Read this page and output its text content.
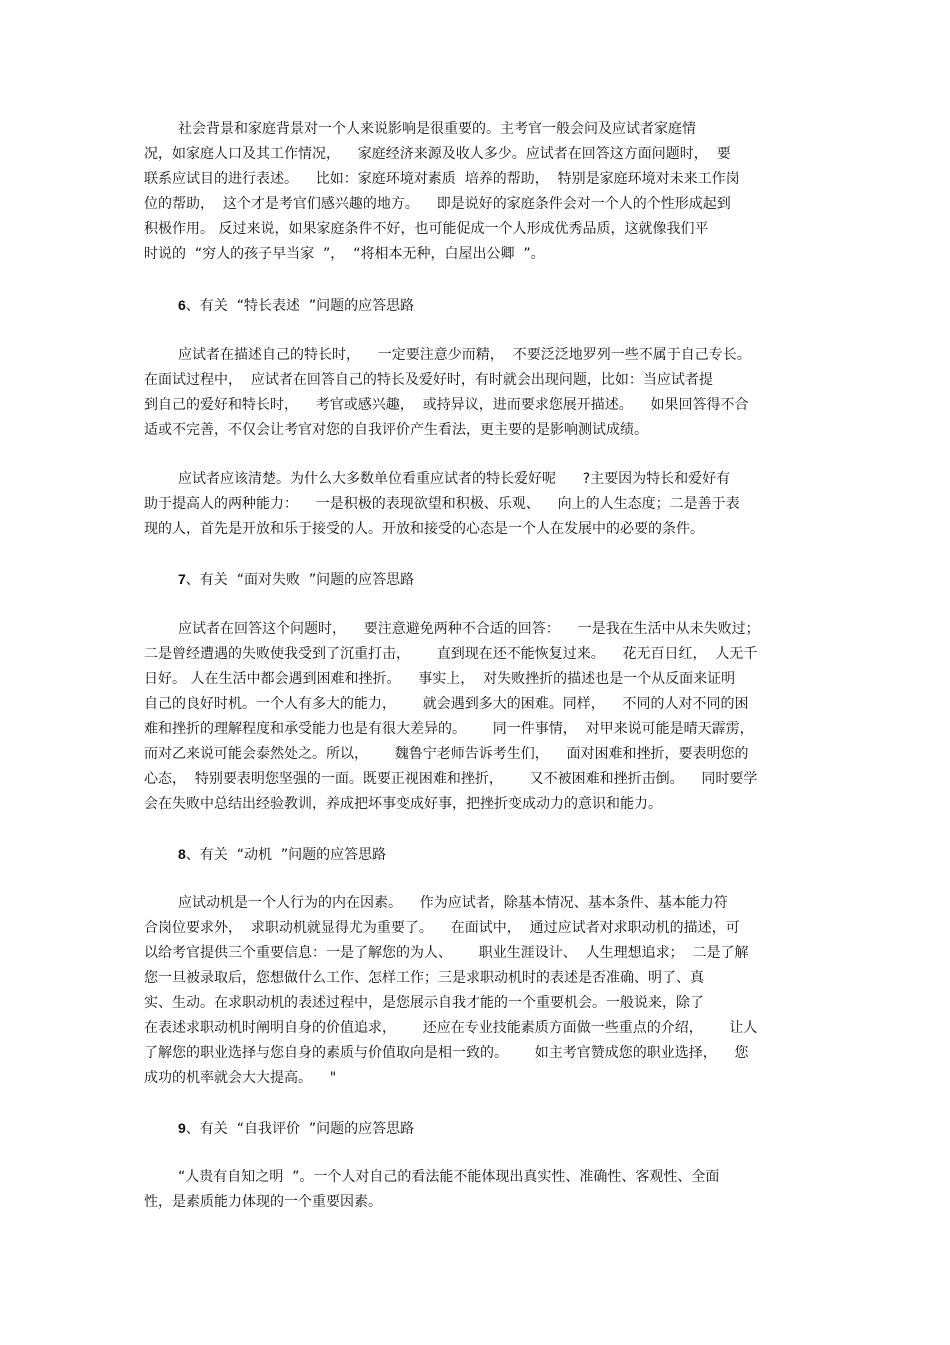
社会背景和家庭背景对一个人来说影响是很重要的。主考官一般会问及应试者家庭情
况，如家庭人口及其工作情况，    家庭经济来源及收人多少。应试者在回答这方面问题时，  要
联系应试目的进行表述。    比如：家庭环境对素质  培养的帮助，  特别是家庭环境对未来工作岗
位的帮助，  这个才是考官们感兴趣的地方。    即是说好的家庭条件会对一个人的个性形成起到
积极作用。 反过来说，如果家庭条件不好，也可能促成一个人形成优秀品质，这就像我们平
时说的  “穷人的孩子早当家  ”，  “将相本无种，白屋出公卿  ”。
6、有关  “特长表述  ”问题的应答思路
应试者在描述自己的特长时，    一定要注意少而精，  不要泛泛地罗列一些不属于自己专长。
在面试过程中，  应试者在回答自己的特长及爱好时，有时就会出现问题，比如：当应试者提
到自己的爱好和特长时，    考官或感兴趣，  或持异议，进而要求您展开描述。    如果回答得不合
适或不完善，不仅会让考官对您的自我评价产生看法，更主要的是影响测试成绩。
应试者应该清楚。为什么大多数单位看重应试者的特长爱好呢      ?主要因为特长和爱好有
助于提高人的两种能力：    一是积极的表现欲望和积极、乐观、    向上的人生态度；二是善于表
现的人，首先是开放和乐于接受的人。开放和接受的心态是一个人在发展中的必要的条件。
7、有关  “面对失败  ”问题的应答思路
应试者在回答这个问题时，    要注意避免两种不合适的回答：    一是我在生活中从未失败过；
二是曾经遭遇的失败使我受到了沉重打击，      直到现在还不能恢复过来。    花无百日红，  人无千
日好。 人在生活中都会遇到困难和挫折。    事实上，  对失败挫折的描述也是一个从反面来证明
自己的良好时机。一个人有多大的能力，      就会遇到多大的困难。同样，    不同的人对不同的困
难和挫折的理解程度和承受能力也是有很大差异的。      同一件事情，  对甲来说可能是晴天霹雳，
而对乙来说可能会泰然处之。所以，      魏鲁宁老师告诉考生们，    面对困难和挫折，要表明您的
心态，  特别要表明您坚强的一面。既要正视困难和挫折，      又不被困难和挫折击倒。    同时要学
会在失败中总结出经验教训，养成把坏事变成好事，把挫折变成动力的意识和能力。
8、有关  “动机  ”问题的应答思路
应试动机是一个人行为的内在因素。    作为应试者，除基本情况、基本条件、基本能力符
合岗位要求外，  求职动机就显得尤为重要了。    在面试中，  通过应试者对求职动机的描述，可
以给考官提供三个重要信息：一是了解您的为人、      职业生涯设计、  人生理想追求；  二是了解
您一旦被录取后，您想做什么工作、怎样工作；三是求职动机时的表述是否准确、明了、真
实、生动。在求职动机的表述过程中，是您展示自我才能的一个重要机会。一般说来，除了
在表述求职动机时阐明自身的价值追求，      还应在专业技能素质方面做一些重点的介绍，      让人
了解您的职业选择与您自身的素质与价值取向是相一致的。      如主考官赞成您的职业选择，    您
成功的机率就会大大提高。    "
9、有关  “自我评价  ”问题的应答思路
“人贵有自知之明  ”。一个人对自己的看法能不能体现出真实性、准确性、客观性、全面
性，是素质能力体现的一个重要因素。
